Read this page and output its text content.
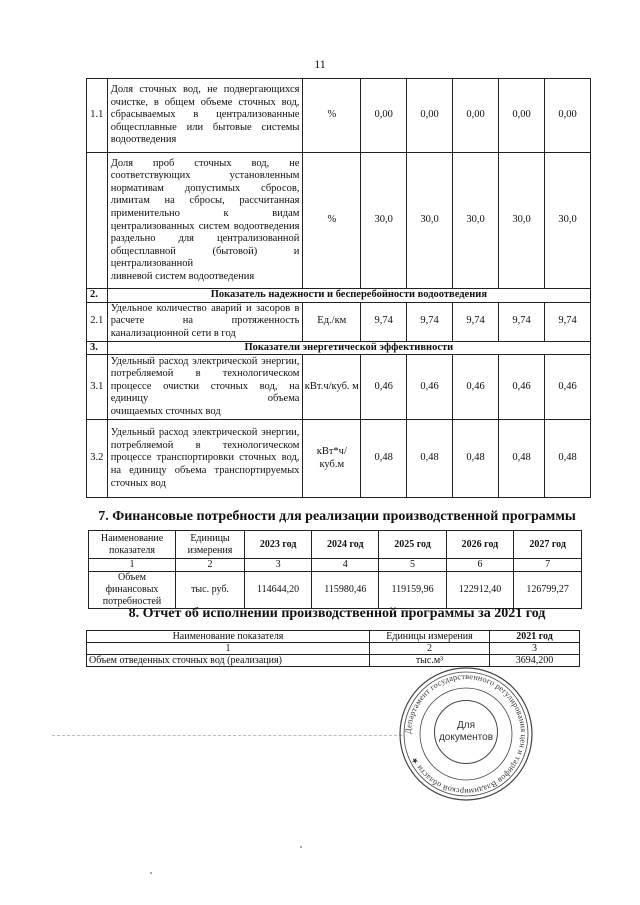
11
1.1	Доля сточных вод, не подвергающихся очистке, в общем объеме сточных вод, сбрасываемых в централизованные общесплавные или бытовые системы
водоотведения	%	0,00	0,00	0,00	0,00	0,00
	Доля проб сточных вод, не соответствующих установленным нормативам допустимых сбросов, лимитам на сбросы, рассчитанная применительно к видам централизованных систем водоотведения раздельно для централизованной общесплавной (бытовой) и централизованной
ливневой систем водоотведения	%	30,0	30,0	30,0	30,0	30,0
2.	Показатель надежности и бесперебойности водоотведения						
2.1	Удельное количество аварий и засоров в расчете на протяженность
канализационной сети в год	Ед./км	9,74	9,74	9,74	9,74	9,74
3.	Показатели энергетической эффективности						
3.1	Удельный расход электрической энергии, потребляемой в технологическом процессе очистки сточных вод, на единицу объема
очищаемых сточных вод	кВт.ч/куб. м	0,46	0,46	0,46	0,46	0,46
3.2	Удельный расход электрической энергии, потребляемой в технологическом процессе транспортировки сточных вод, на единицу объема транспортируемых
сточных вод	кВт*ч/куб.м	0,48	0,48	0,48	0,48	0,48
7. Финансовые потребности для реализации производственной программы
Наименование показателя	Единицы измерения	2023 год	2024 год	2025 год	2026 год	2027 год
1	2	3	4	5	6	7
Объем финансовых потребностей	тыс. руб.	114644,20	115980,46	119159,96	122912,40	126799,27
8. Отчет об исполнении производственной программы за 2021 год
Наименование показателя	Единицы измерения	2021 год
1	2	3
Объем отведенных сточных вод (реализация)	тыс.м³	3694,200
Департамент государственного регулирования цен и тарифов Владимирской области ★
Для
документов
